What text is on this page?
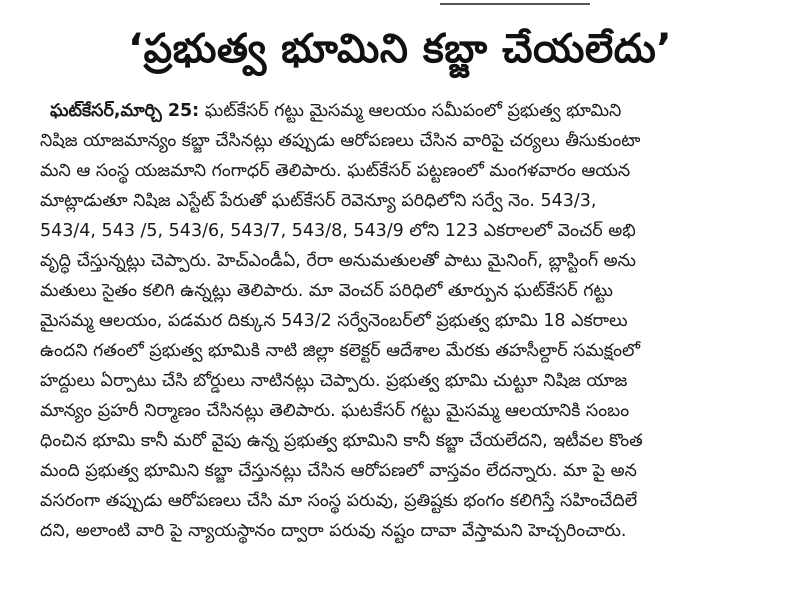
‘ప్రభుత్వ భూమిని కబ్జా చేయలేదు’
ఘట్‌కేసర్,మార్చి 25: ఘట్‌కేసర్ గట్టు మైసమ్మ ఆలయం సమీపంలో ప్రభుత్వ భూమిని
నిషిజ యాజమాన్యం కబ్జా చేసినట్లు తప్పుడు ఆరోపణలు చేసిన వారిపై చర్యలు తీసుకుంటా
మని ఆ సంస్థ యజమాని గంగాధర్ తెలిపారు. ఘట్‌కేసర్ పట్టణంలో మంగళవారం ఆయన
మాట్లాడుతూ నిషిజ ఎస్టేట్ పేరుతో ఘట్‌కేసర్ రెవెన్యూ పరిధిలోని సర్వే నెం. 543/3,
543/4, 543 /5, 543/6, 543/7, 543/8, 543/9 లోని 123 ఎకరాలలో వెంచర్ అభి
వృద్ధి చేస్తున్నట్లు చెప్పారు. హెచ్ఎండీఏ, రేరా అనుమతులతో పాటు మైనింగ్, బ్లాస్టింగ్ అను
మతులు సైతం కలిగి ఉన్నట్లు తెలిపారు. మా వెంచర్ పరిధిలో తూర్పున ఘట్‌కేసర్ గట్టు
మైసమ్మ ఆలయం, పడమర దిక్కున 543/2 సర్వేనెంబర్‌లో ప్రభుత్వ భూమి 18 ఎకరాలు
ఉందని గతంలో ప్రభుత్వ భూమికి నాటి జిల్లా కలెక్టర్ ఆదేశాల మేరకు తహసీల్దార్ సమక్షంలో
హద్దులు ఏర్పాటు చేసి బోర్డులు నాటినట్లు చెప్పారు. ప్రభుత్వ భూమి చుట్టూ నిషిజ యాజ
మాన్యం ప్రహరీ నిర్మాణం చేసినట్లు తెలిపారు. ఘటకేసర్ గట్టు మైసమ్మ ఆలయానికి సంబం
ధించిన భూమి కానీ మరో వైపు ఉన్న ప్రభుత్వ భూమిని కానీ కబ్జా చేయలేదని, ఇటీవల కొంత
మంది ప్రభుత్వ భూమిని కబ్జా చేస్తునట్లు చేసిన ఆరోపణలో వాస్తవం లేదన్నారు. మా పై అన
వసరంగా తప్పుడు ఆరోపణలు చేసి మా సంస్థ పరువు, ప్రతిష్టకు భంగం కలిగిస్తే సహించేదిలే
దని, అలాంటి వారి పై న్యాయస్థానం ద్వారా పరువు నష్టం దావా వేస్తామని హెచ్చరించారు.
